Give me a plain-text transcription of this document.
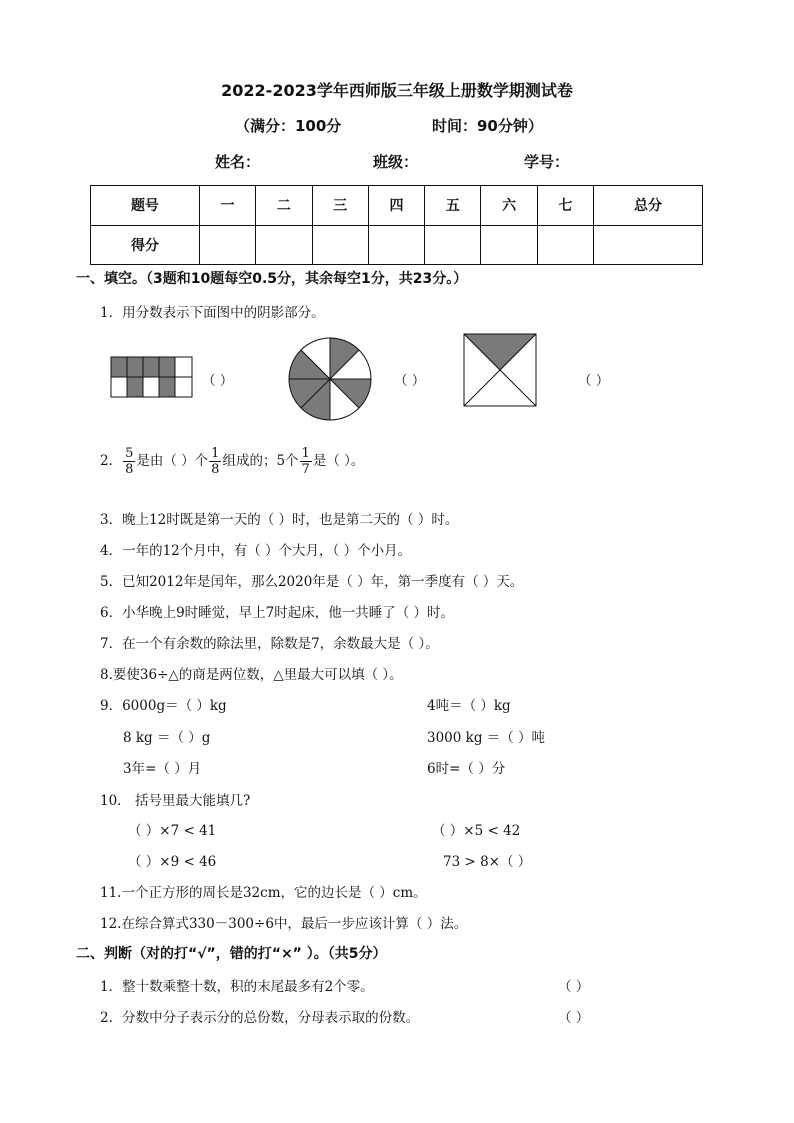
2022-2023学年西师版三年级上册数学期测试卷
（满分：100分	时间：90分钟）
姓名：	班级：	学号：
题号	一	二	三	四	五	六	七	总分
得分								
一、填空。（3题和10题每空0.5分，其余每空1分，共23分。）
1．用分数表示下面图中的阴影部分。
（ ）	（ ）	（ ）
2． $\frac{5}{8}$ 是由（ ）个 $\frac{1}{8}$ 组成的；5个 $\frac{1}{7}$ 是（ ）。
3．晚上12时既是第一天的（ ）时，也是第二天的（ ）时。
4．一年的12个月中，有（ ）个大月，（ ）个小月。
5．已知2012年是闰年，那么2020年是（ ）年，第一季度有（ ）天。
6．小华晚上9时睡觉，早上7时起床，他一共睡了（ ）时。
7．在一个有余数的除法里，除数是7，余数最大是（ ）。
8.要使36÷△的商是两位数，△里最大可以填（ ）。
9．6000g＝（ ）kg	4吨＝（ ）kg
8 kg ＝（ ）g	3000 kg ＝（ ）吨
3年=（ ）月	6时=（ ）分
10． 括号里最大能填几?
（ ）×7 < 41	（ ）×5 < 42
（ ）×9 < 46	73 > 8×（ ）
11.一个正方形的周长是32cm，它的边长是（ ）cm。
12.在综合算式330－300÷6中，最后一步应该计算（ ）法。
二、判断（对的打“√”，错的打“×” ）。（共5分）
1．整十数乘整十数，积的末尾最多有2个零。	（ ）
2．分数中分子表示分的总份数，分母表示取的份数。	（ ）
